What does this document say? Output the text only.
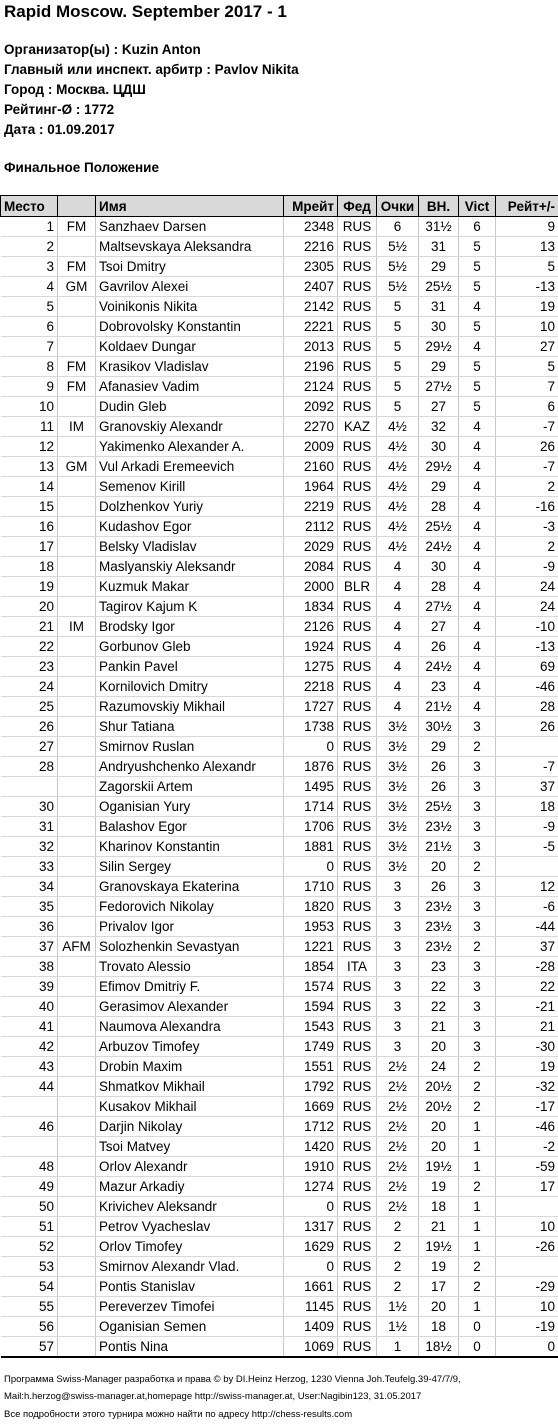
Rapid Moscow. September 2017 - 1
Организатор(ы) : Kuzin Anton
Главный или инспект. арбитр : Pavlov Nikita
Город : Москва. ЦДШ
Рейтинг-Ø : 1772
Дата : 01.09.2017
Финальное Положение
Место		Имя	Мрейт	Фед	Очки	ВН.	Vict	Рейт+/-
1	FM	Sanzhaev Darsen	2348	RUS	6	31½	6	9
2		Maltsevskaya Aleksandra	2216	RUS	5½	31	5	13
3	FM	Tsoi Dmitry	2305	RUS	5½	29	5	5
4	GM	Gavrilov Alexei	2407	RUS	5½	25½	5	-13
5		Voinikonis Nikita	2142	RUS	5	31	4	19
6		Dobrovolsky Konstantin	2221	RUS	5	30	5	10
7		Koldaev Dungar	2013	RUS	5	29½	4	27
8	FM	Krasikov Vladislav	2196	RUS	5	29	5	5
9	FM	Afanasiev Vadim	2124	RUS	5	27½	5	7
10		Dudin Gleb	2092	RUS	5	27	5	6
11	IM	Granovskiy Alexandr	2270	KAZ	4½	32	4	-7
12		Yakimenko Alexander A.	2009	RUS	4½	30	4	26
13	GM	Vul Arkadi Eremeevich	2160	RUS	4½	29½	4	-7
14		Semenov Kirill	1964	RUS	4½	29	4	2
15		Dolzhenkov Yuriy	2219	RUS	4½	28	4	-16
16		Kudashov Egor	2112	RUS	4½	25½	4	-3
17		Belsky Vladislav	2029	RUS	4½	24½	4	2
18		Maslyanskiy Aleksandr	2084	RUS	4	30	4	-9
19		Kuzmuk Makar	2000	BLR	4	28	4	24
20		Tagirov Kajum K	1834	RUS	4	27½	4	24
21	IM	Brodsky Igor	2126	RUS	4	27	4	-10
22		Gorbunov Gleb	1924	RUS	4	26	4	-13
23		Pankin Pavel	1275	RUS	4	24½	4	69
24		Kornilovich Dmitry	2218	RUS	4	23	4	-46
25		Razumovskiy Mikhail	1727	RUS	4	21½	4	28
26		Shur Tatiana	1738	RUS	3½	30½	3	26
27		Smirnov Ruslan	0	RUS	3½	29	2	
28		Andryushchenko Alexandr	1876	RUS	3½	26	3	-7
		Zagorskii Artem	1495	RUS	3½	26	3	37
30		Oganisian Yury	1714	RUS	3½	25½	3	18
31		Balashov Egor	1706	RUS	3½	23½	3	-9
32		Kharinov Konstantin	1881	RUS	3½	21½	3	-5
33		Silin Sergey	0	RUS	3½	20	2	
34		Granovskaya Ekaterina	1710	RUS	3	26	3	12
35		Fedorovich Nikolay	1820	RUS	3	23½	3	-6
36		Privalov Igor	1953	RUS	3	23½	3	-44
37	AFM	Solozhenkin Sevastyan	1221	RUS	3	23½	2	37
38		Trovato Alessio	1854	ITA	3	23	3	-28
39		Efimov Dmitriy F.	1574	RUS	3	22	3	22
40		Gerasimov Alexander	1594	RUS	3	22	3	-21
41		Naumova Alexandra	1543	RUS	3	21	3	21
42		Arbuzov Timofey	1749	RUS	3	20	3	-30
43		Drobin Maxim	1551	RUS	2½	24	2	19
44		Shmatkov Mikhail	1792	RUS	2½	20½	2	-32
		Kusakov Mikhail	1669	RUS	2½	20½	2	-17
46		Darjin Nikolay	1712	RUS	2½	20	1	-46
		Tsoi Matvey	1420	RUS	2½	20	1	-2
48		Orlov Alexandr	1910	RUS	2½	19½	1	-59
49		Mazur Arkadiy	1274	RUS	2½	19	2	17
50		Krivichev Aleksandr	0	RUS	2½	18	1	
51		Petrov Vyacheslav	1317	RUS	2	21	1	10
52		Orlov Timofey	1629	RUS	2	19½	1	-26
53		Smirnov Alexandr Vlad.	0	RUS	2	19	2	
54		Pontis Stanislav	1661	RUS	2	17	2	-29
55		Pereverzev Timofei	1145	RUS	1½	20	1	10
56		Oganisian Semen	1409	RUS	1½	18	0	-19
57		Pontis Nina	1069	RUS	1	18½	0	0
Программа Swiss-Manager разработка и права © by DI.Heinz Herzog, 1230 Vienna Joh.Teufelg.39-47/7/9,
Mail:h.herzog@swiss-manager.at,homepage http://swiss-manager.at, User:Nagibin123, 31.05.2017
Все подробности этого турнира можно найти по адресу http://chess-results.com
